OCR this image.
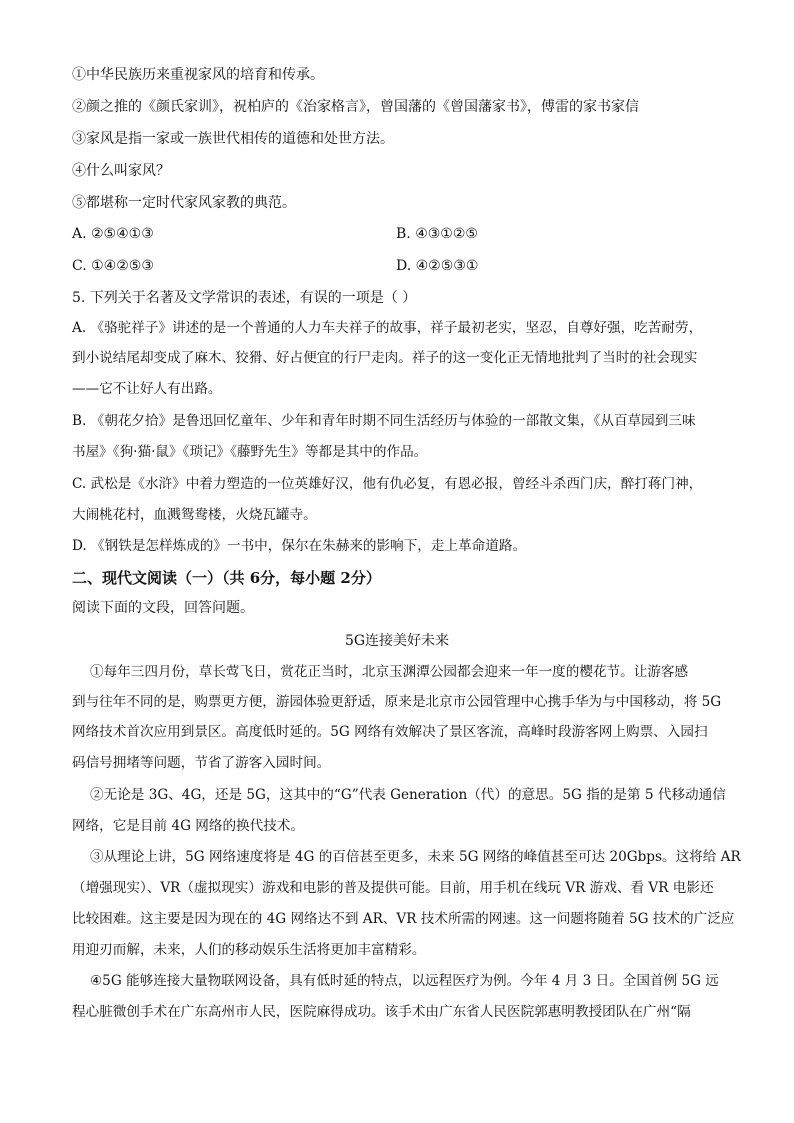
①中华民族历来重视家风的培育和传承。
②颜之推的《颜氏家训》，祝柏庐的《治家格言》，曾国藩的《曾国藩家书》，傅雷的家书家信
③家风是指一家或一族世代相传的道德和处世方法。
④什么叫家风？
⑤都堪称一定时代家风家教的典范。
A. ②⑤④①③	B. ④③①②⑤
C. ①④②⑤③	D. ④②⑤③①
5. 下列关于名著及文学常识的表述，有误的一项是（ ）
A. 《骆驼祥子》讲述的是一个普通的人力车夫祥子的故事，祥子最初老实，坚忍，自尊好强，吃苦耐劳，
到小说结尾却变成了麻木、狡猾、好占便宜的行尸走肉。祥子的这一变化正无情地批判了当时的社会现实
——它不让好人有出路。
B. 《朝花夕拾》是鲁迅回忆童年、少年和青年时期不同生活经历与体验的一部散文集，《从百草园到三味
书屋》《狗·猫·鼠》《琐记》《藤野先生》等都是其中的作品。
C. 武松是《水浒》中着力塑造的一位英雄好汉，他有仇必复，有恩必报，曾经斗杀西门庆，醉打蒋门神，
大闹桃花村，血溅鸳鸯楼，火烧瓦罐寺。
D. 《钢铁是怎样炼成的》一书中，保尔在朱赫来的影响下，走上革命道路。
二、现代文阅读（一）（共 6分，每小题 2分）
阅读下面的文段，回答问题。
5G连接美好未来
①每年三四月份，草长莺飞日，赏花正当时，北京玉渊潭公园都会迎来一年一度的樱花节。让游客感
到与往年不同的是，购票更方便，游园体验更舒适，原来是北京市公园管理中心携手华为与中国移动，将 5G
网络技术首次应用到景区。高度低时延的。5G 网络有效解决了景区客流，高峰时段游客网上购票、入园扫
码信号拥堵等问题，节省了游客入园时间。
②无论是 3G、4G，还是 5G，这其中的“G”代表 Generation（代）的意思。5G 指的是第 5 代移动通信
网络，它是目前 4G 网络的换代技术。
③从理论上讲，5G 网络速度将是 4G 的百倍甚至更多，未来 5G 网络的峰值甚至可达 20Gbps。这将给 AR
（增强现实）、VR（虚拟现实）游戏和电影的普及提供可能。目前，用手机在线玩 VR 游戏、看 VR 电影还
比较困难。这主要是因为现在的 4G 网络达不到 AR、VR 技术所需的网速。这一问题将随着 5G 技术的广泛应
用迎刃而解，未来，人们的移动娱乐生活将更加丰富精彩。
④5G 能够连接大量物联网设备，具有低时延的特点，以远程医疗为例。今年 4 月 3 日。全国首例 5G 远
程心脏微创手术在广东高州市人民，医院麻得成功。该手术由广东省人民医院郭惠明教授团队在广州“隔
